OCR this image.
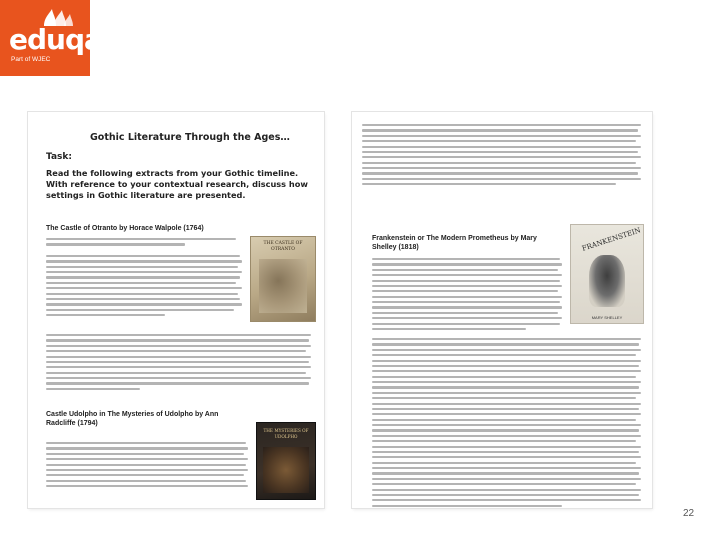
eduqas
Part of WJEC
Gothic Literature Through the Ages…
Task:
Read the following extracts from your Gothic timeline. With reference to your contextual research, discuss how settings in Gothic literature are presented.
The Castle of Otranto by Horace Walpole (1764)
THE CASTLE OF OTRANTO
Castle Udolpho in The Mysteries of Udolpho by Ann Radcliffe (1794)
THE MYSTERIES OF UDOLPHO
Frankenstein or The Modern Prometheus by Mary Shelley (1818)	FRANKENSTEIN
MARY SHELLEY
22
